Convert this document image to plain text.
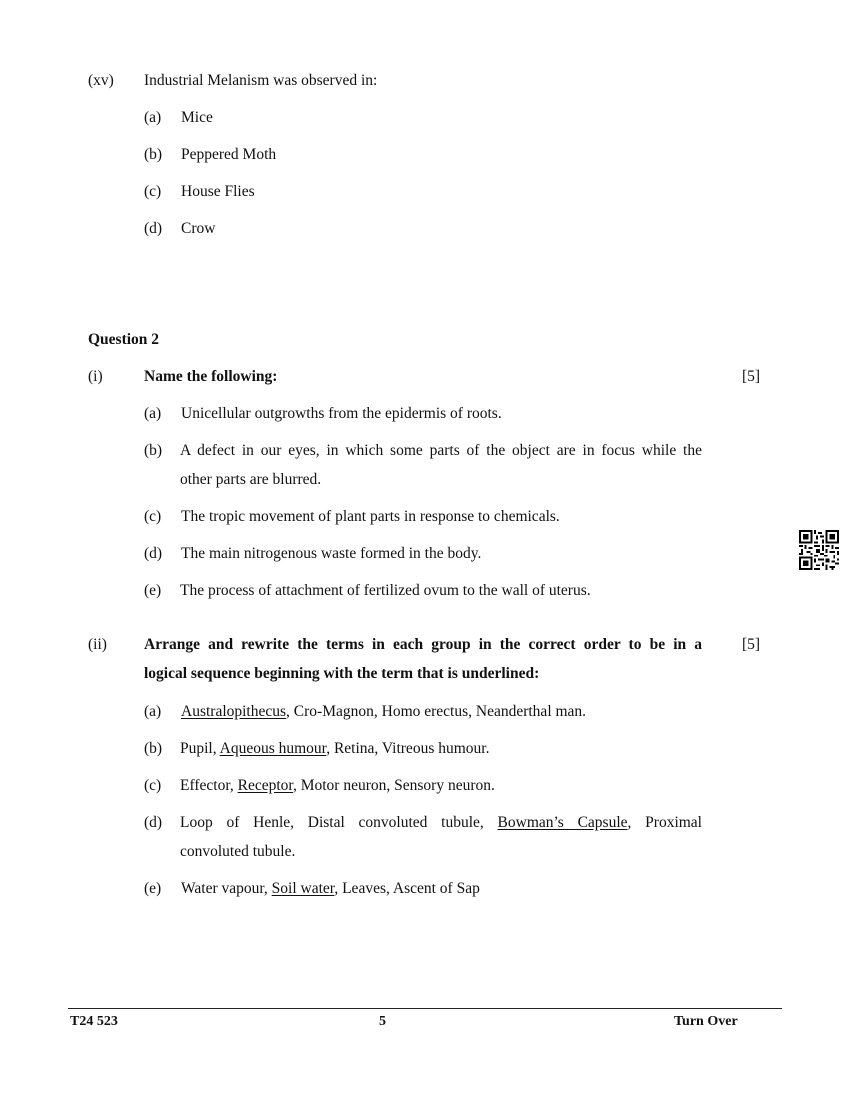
(xv) Industrial Melanism was observed in:
(a) Mice
(b) Peppered Moth
(c) House Flies
(d) Crow
Question 2
(i)	Name the following:	[5]
(a) Unicellular outgrowths from the epidermis of roots.
(b) A defect in our eyes, in which some parts of the object are in focus while the
other parts are blurred.
(c) The tropic movement of plant parts in response to chemicals.
(d) The main nitrogenous waste formed in the body.
(e) The process of attachment of fertilized ovum to the wall of uterus.
(ii) Arrange and rewrite the terms in each group in the correct order to be in a
logical sequence beginning with the term that is underlined:
[5]
(a) Australopithecus, Cro-Magnon, Homo erectus, Neanderthal man.
(b) Pupil, Aqueous humour, Retina, Vitreous humour.
(c) Effector, Receptor, Motor neuron, Sensory neuron.
(d) Loop of Henle, Distal convoluted tubule, Bowman’s Capsule, Proximal
convoluted tubule.
(e) Water vapour, Soil water, Leaves, Ascent of Sap
T24 523	5	Turn Over
